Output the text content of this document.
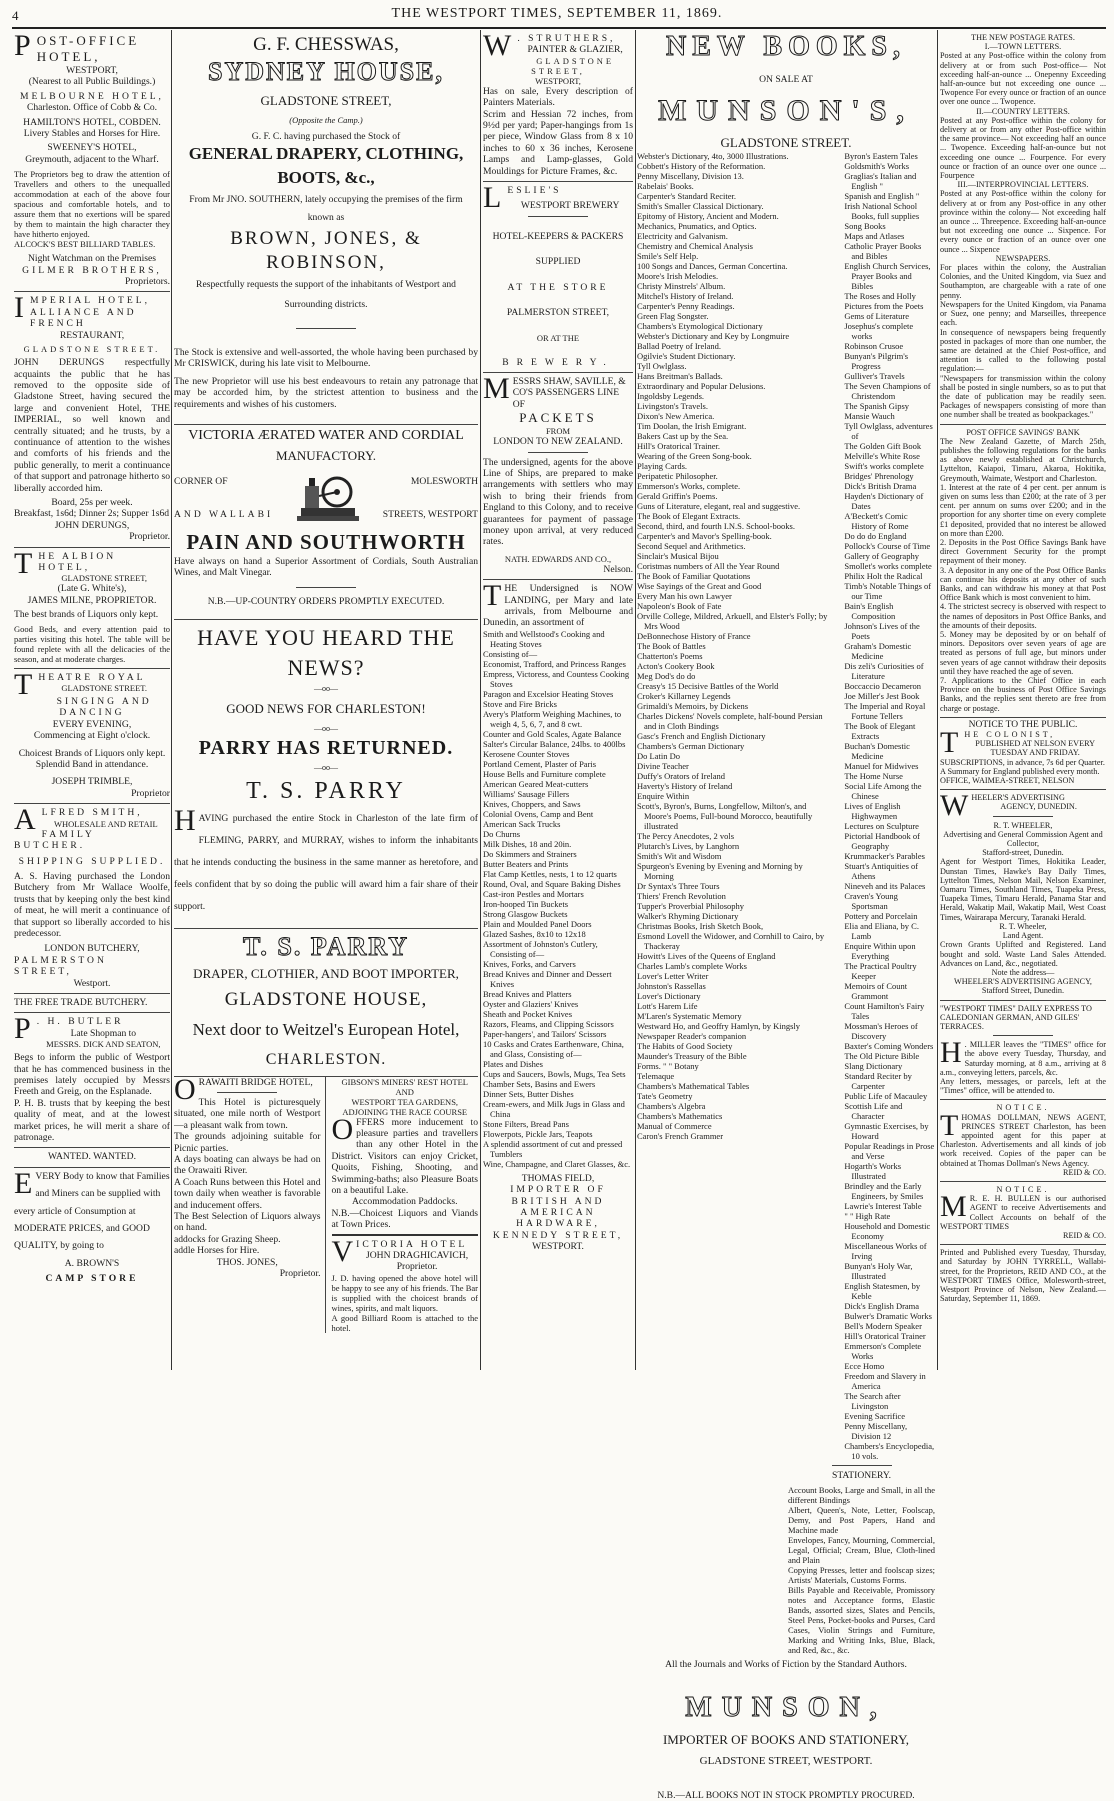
4	THE WESTPORT TIMES, SEPTEMBER 11, 1869.
POST-OFFICE HOTEL,
WESTPORT,
(Nearest to all Public Buildings.)
MELBOURNE HOTEL,
Charleston. Office of Cobb & Co.
HAMILTON'S HOTEL, COBDEN.
Livery Stables and Horses for Hire.
SWEENEY'S HOTEL,
Greymouth, adjacent to the Wharf.
The Proprietors beg to draw the attention of Travellers and others to the unequalled accommodation at each of the above four spacious and comfortable hotels, and to assure them that no exertions will be spared by them to maintain the high character they have hitherto enjoyed.
ALCOCK'S BEST BILLIARD TABLES.
Night Watchman on the Premises
GILMER BROTHERS,
Proprietors.
IMPERIAL HOTEL,
ALLIANCE AND FRENCH
RESTAURANT,
GLADSTONE STREET.
JOHN DERUNGS respectfully acquaints the public that he has removed to the opposite side of Gladstone Street, having secured the large and convenient Hotel, THE IMPERIAL, so well known and centrally situated; and he trusts, by a continuance of attention to the wishes and comforts of his friends and the public generally, to merit a continuance of that support and patronage hitherto so liberally accorded him.
Board, 25s per week.
Breakfast, 1s6d; Dinner 2s; Supper 1s6d
JOHN DERUNGS,
Proprietor.
THE ALBION HOTEL,
GLADSTONE STREET,
(Late G. White's),
JAMES MILNE, PROPRIETOR.
The best brands of Liquors only kept.
Good Beds, and every attention paid to parties visiting this hotel. The table will be found replete with all the delicacies of the season, and at moderate charges.
THEATRE ROYAL
GLADSTONE STREET.
SINGING AND DANCING
EVERY EVENING,
Commencing at Eight o'clock.
Choicest Brands of Liquors only kept.
Splendid Band in attendance.
JOSEPH TRIMBLE,
Proprietor
ALFRED SMITH,
WHOLESALE AND RETAIL
FAMILY BUTCHER.
SHIPPING SUPPLIED.
A. S. Having purchased the London Butchery from Mr Wallace Woolfe, trusts that by keeping only the best kind of meat, he will merit a continuance of that support so liberally accorded to his predecessor.
LONDON BUTCHERY,
PALMERSTON STREET,
Westport.
THE FREE TRADE BUTCHERY.
P . H. BUTLER
Late Shopman to
MESSRS. DICK AND SEATON,
Begs to inform the public of Westport that he has commenced business in the premises lately occupied by Messrs Freeth and Greig, on the Esplanade.
P. H. B. trusts that by keeping the best quality of meat, and at the lowest market prices, he will merit a share of patronage.
WANTED. WANTED.
EVERY Body to know that Families
and Miners can be supplied with
every article of Consumption at
MODERATE PRICES, and GOOD
QUALITY, by going to
A. BROWN'S
CAMP STORE
G. F. CHESSWAS,
SYDNEY HOUSE,
GLADSTONE STREET,
(Opposite the Camp.)
G. F. C. having purchased the Stock of
GENERAL DRAPERY, CLOTHING, BOOTS, &c.,
From Mr JNO. SOUTHERN, lately occupying the premises of the firm
known as
BROWN, JONES, & ROBINSON,
Respectfully requests the support of the inhabitants of Westport and
Surrounding districts.
The Stock is extensive and well-assorted, the whole having been purchased by Mr CRISWICK, during his late visit to Melbourne.
The new Proprietor will use his best endeavours to retain any patronage that may be accorded him, by the strictest attention to business and the requirements and wishes of his customers.
VICTORIA ÆRATED WATER AND CORDIAL
MANUFACTORY.
CORNER OF
AND WALLABI
MOLESWORTH
STREETS, WESTPORT
PAIN AND SOUTHWORTH
Have always on hand a Superior Assortment of Cordials, South Australian Wines, and Malt Vinegar.
N.B.—UP-COUNTRY ORDERS PROMPTLY EXECUTED.
HAVE YOU HEARD THE NEWS?
—oo—
GOOD NEWS FOR CHARLESTON!
—oo—
PARRY HAS RETURNED.
—oo—
T. S. PARRY
HAVING purchased the entire Stock in Charleston of the late firm of FLEMING, PARRY, and MURRAY, wishes to inform the inhabitants that he intends conducting the business in the same manner as heretofore, and feels confident that by so doing the public will award him a fair share of their support.
T. S. PARRY
DRAPER, CLOTHIER, AND BOOT IMPORTER,
GLADSTONE HOUSE,
Next door to Weitzel's European Hotel,
CHARLESTON.
ORAWAITI BRIDGE HOTEL,
This Hotel is picturesquely situated, one mile north of Westport—a pleasant walk from town.
The grounds adjoining suitable for Picnic parties.
A days boating can always be had on the Orawaiti River.
A Coach Runs between this Hotel and town daily when weather is favorable and inducement offers.
The Best Selection of Liquors always on hand.
addocks for Grazing Sheep.
addle Horses for Hire.
THOS. JONES,
Proprietor.
GIBSON'S MINERS' REST HOTEL
AND
WESTPORT TEA GARDENS,
ADJOINING THE RACE COURSE
OFFERS more inducement to pleasure parties and travellers than any other Hotel in the District. Visitors can enjoy Cricket, Quoits, Fishing, Shooting, and Swimming-baths; also Pleasure Boats on a beautiful Lake.
Accommodation Paddocks.
N.B.—Choicest Liquors and Viands at Town Prices.
VICTORIA HOTEL
JOHN DRAGHICAVICH,
Proprietor.
J. D. having opened the above hotel will be happy to see any of his friends. The Bar is supplied with the choicest brands of wines, spirits, and malt liquors.
A good Billiard Room is attached to the hotel.
W . STRUTHERS,
PAINTER & GLAZIER,
GLADSTONE STREET,
WESTPORT,
Has on sale, Every description of Painters Materials.
Scrim and Hessian 72 inches, from 9½d per yard; Paper-hangings from 1s per piece, Window Glass from 8 x 10 inches to 60 x 36 inches, Kerosene Lamps and Lamp-glasses, Gold Mouldings for Picture Frames, &c.
LESLIE'S
WESTPORT BREWERY
HOTEL-KEEPERS & PACKERS
SUPPLIED
AT THE STORE
PALMERSTON STREET,
OR AT THE
BREWERY.
MESSRS SHAW, SAVILLE, & CO'S PASSENGERS LINE OF
PACKETS
FROM
LONDON TO NEW ZEALAND.
The undersigned, agents for the above Line of Ships, are prepared to make arrangements with settlers who may wish to bring their friends from England to this Colony, and to receive guarantees for payment of passage money upon arrival, at very reduced rates.
NATH. EDWARDS AND CO.,
Nelson.
THE Undersigned is NOW LANDING, per Mary and late arrivals, from Melbourne and Dunedin, an assortment of
Smith and Wellstood's Cooking and Heating Stoves
Consisting of—
Economist, Trafford, and Princess Ranges
Empress, Victoress, and Countess Cooking Stoves
Paragon and Excelsior Heating Stoves
Stove and Fire Bricks
Avery's Platform Weighing Machines, to weigh 4, 5, 6, 7, and 8 cwt.
Counter and Gold Scales, Agate Balance
Salter's Circular Balance, 24lbs. to 400lbs
Kerosene Counter Stoves
Portland Cement, Plaster of Paris
House Bells and Furniture complete
American Geared Meat-cutters
Williams' Sausage Fillers
Knives, Choppers, and Saws
Colonial Ovens, Camp and Bent
American Sack Trucks
Do Churns
Milk Dishes, 18 and 20in.
Do Skimmers and Strainers
Butter Beaters and Prints
Flat Camp Kettles, nests, 1 to 12 quarts
Round, Oval, and Square Baking Dishes
Cast-iron Pestles and Mortars
Iron-hooped Tin Buckets
Strong Glasgow Buckets
Plain and Moulded Panel Doors
Glazed Sashes, 8x10 to 12x18
Assortment of Johnston's Cutlery, Consisting of—
Knives, Forks, and Carvers
Bread Knives and Dinner and Dessert Knives
Bread Knives and Platters
Oyster and Glaziers' Knives
Sheath and Pocket Knives
Razors, Fleams, and Clipping Scissors
Paper-hangers', and Tailors' Scissors
10 Casks and Crates Earthenware, China, and Glass, Consisting of—
Plates and Dishes
Cups and Saucers, Bowls, Mugs, Tea Sets
Chamber Sets, Basins and Ewers
Dinner Sets, Butter Dishes
Cream-ewers, and Milk Jugs in Glass and China
Stone Filters, Bread Pans
Flowerpots, Pickle Jars, Teapots
A splendid assortment of cut and pressed Tumblers
Wine, Champagne, and Claret Glasses, &c.
THOMAS FIELD,
IMPORTER OF BRITISH AND
AMERICAN HARDWARE,
KENNEDY STREET,
WESTPORT.
NEW BOOKS,
ON SALE AT
MUNSON'S,
GLADSTONE STREET.
Webster's Dictionary, 4to, 3000 Illustrations.
Cobbett's History of the Reformation.
Penny Miscellany, Division 13.
Rabelais' Books.
Carpenter's Standard Reciter.
Smith's Smaller Classical Dictionary.
Epitomy of History, Ancient and Modern.
Mechanics, Pnumatics, and Optics.
Electricity and Galvanism.
Chemistry and Chemical Analysis
Smile's Self Help.
100 Songs and Dances, German Concertina.
Moore's Irish Melodies.
Christy Minstrels' Album.
Mitchel's History of Ireland.
Carpenter's Penny Readings.
Green Flag Songster.
Chambers's Etymological Dictionary
Webster's Dictionary and Key by Longmuire
Ballad Poetry of Ireland.
Ogilvie's Student Dictionary.
Tyll Owlglass.
Hans Breitman's Ballads.
Extraordinary and Popular Delusions.
Ingoldsby Legends.
Livingston's Travels.
Dixon's New America.
Tim Doolan, the Irish Emigrant.
Bakers Cast up by the Sea.
Hill's Oratorical Trainer.
Wearing of the Green Song-book.
Playing Cards.
Peripatetic Philosopher.
Emmerson's Works, complete.
Gerald Griffin's Poems.
Guns of Literature, elegant, real and suggestive.
The Book of Elegant Extracts.
Second, third, and fourth I.N.S. School-books.
Carpenter's and Mavor's Spelling-book.
Second Sequel and Arithmetics.
Sinclair's Musical Bijou
Coristmas numbers of All the Year Round
The Book of Familiar Quotations
Wise Sayings of the Great and Good
Every Man his own Lawyer
Napoleon's Book of Fate
Orville College, Mildred, Arkuell, and Elster's Folly; by Mrs Wood
DeBonnechose History of France
The Book of Battles
Chatterton's Poems
Acton's Cookery Book
Meg Dod's do do
Creasy's 15 Decisive Battles of the World
Croker's Killarney Legends
Grimaldi's Memoirs, by Dickens
Charles Dickens' Novels complete, half-bound Persian and in Cloth Bindings
Gasc's French and English Dictionary
Chambers's German Dictionary
Do Latin Do
Divine Teacher
Duffy's Orators of Ireland
Haverty's History of Ireland
Enquire Within
Scott's, Byron's, Burns, Longfellow, Milton's, and Moore's Poems, Full-bound Morocco, beautifully illustrated
The Percy Anecdotes, 2 vols
Plutarch's Lives, by Langhorn
Smith's Wit and Wisdom
Spurgeon's Evening by Evening and Morning by Morning
Dr Syntax's Three Tours
Thiers' French Revolution
Tupper's Proverbial Philosophy
Walker's Rhyming Dictionary
Christmas Books, Irish Sketch Book,
Esmond Lovell the Widower, and Cornhill to Cairo, by Thackeray
Howitt's Lives of the Queens of England
Charles Lamb's complete Works
Lover's Letter Writer
Johnston's Rassellas
Lover's Dictionary
Lott's Harem Life
M'Laren's Systematic Memory
Westward Ho, and Geoffry Hamlyn, by Kingsly
Newspaper Reader's companion
The Habits of Good Society
Maunder's Treasury of the Bible
Forms. " " Botany
Telemaque
Chambers's Mathematical Tables
Tate's Geometry
Chambers's Algebra
Chambers's Mathematics
Manual of Commerce
Caron's French Grammer
Byron's Eastern Tales
Goldsmith's Works
Graglias's Italian and English "
Spanish and English "
Irish National School Books, full supplies
Song Books
Maps and Atlases
Catholic Prayer Books and Bibles
English Church Services, Prayer Books and Bibles
The Roses and Holly
Pictures from the Poets
Gems of Literature
Josephus's complete works
Robinson Crusoe
Bunyan's Pilgrim's Progress
Gulliver's Travels
The Seven Champions of Christendom
The Spanish Gipsy
Mansie Wauch
Tyll Owlglass, adventures of
The Golden Gift Book
Melville's White Rose
Swift's works complete
Bridges' Phrenology
Dick's British Drama
Hayden's Dictionary of Dates
A'Beckett's Comic History of Rome
Do do do England
Pollock's Course of Time
Gallery of Geography
Smollet's works complete
Philix Holt the Radical
Timb's Notable Things of our Time
Bain's English Composition
Johnson's Lives of the Poets
Graham's Domestic Medicine
Dis zeli's Curiosities of Literature
Boccaccio Decameron
Joe Miller's Jest Book
The Imperial and Royal Fortune Tellers
The Book of Elegant Extracts
Buchan's Domestic Medicine
Manuel for Midwives
The Home Nurse
Social Life Among the Chinese
Lives of English Highwaymen
Lectures on Sculpture
Pictorial Handbook of Geography
Krummacker's Parables
Stuart's Antiquities of Athens
Nineveh and its Palaces
Craven's Young Sportsman
Pottery and Porcelain
Elia and Eliana, by C. Lamb
Enquire Within upon Everything
The Practical Poultry Keeper
Memoirs of Count Grammont
Count Hamilton's Fairy Tales
Mossman's Heroes of Discovery
Baxter's Coming Wonders
The Old Picture Bible
Slang Dictionary
Standard Reciter by Carpenter
Public Life of Macauley
Scottish Life and Character
Gymnastic Exercises, by Howard
Popular Readings in Prose and Verse
Hogarth's Works Illustrated
Brindley and the Early Engineers, by Smiles
Lawrie's Interest Table
" " High Rate
Household and Domestic Economy
Miscellaneous Works of Irving
Bunyan's Holy War, Illustrated
English Statesmen, by Keble
Dick's English Drama
Bulwer's Dramatic Works
Bell's Modern Speaker
Hill's Oratorical Trainer
Emmerson's Complete Works
Ecce Homo
Freedom and Slavery in America
The Search after Livingston
Evening Sacrifice
Penny Miscellany, Division 12
Chambers's Encyclopedia, 10 vols.
STATIONERY.
Account Books, Large and Small, in all the different Bindings
Albert, Queen's, Note, Letter, Foolscap, Demy, and Post Papers, Hand and Machine made
Envelopes, Fancy, Mourning, Commercial, Legal, Official; Cream, Blue, Cloth-lined and Plain
Copying Presses, letter and foolscap sizes; Artists' Materials, Customs Forms.
Bills Payable and Receivable, Promissory notes and Acceptance forms, Elastic Bands, assorted sizes, Slates and Pencils, Steel Pens, Pocket-books and Purses, Card Cases, Violin Strings and Furniture, Marking and Writing Inks, Blue, Black, and Red, &c., &c.
All the Journals and Works of Fiction by the Standard Authors.
MUNSON,
IMPORTER OF BOOKS AND STATIONERY,
GLADSTONE STREET, WESTPORT.
N.B.—ALL BOOKS NOT IN STOCK PROMPTLY PROCURED.
THE NEW POSTAGE RATES.
I.—TOWN LETTERS.
Posted at any Post-office within the colony from delivery at or from such Post-office— Not exceeding half-an-ounce ... Onepenny Exceeding half-an-ounce but not exceeding one ounce ... Twopence For every ounce or fraction of an ounce over one ounce ... Twopence.
II.—COUNTRY LETTERS.
Posted at any Post-office within the colony for delivery at or from any other Post-office within the same province— Not exceeding half an ounce ... Twopence. Exceeding half-an-ounce but not exceeding one ounce ... Fourpence. For every ounce or fraction of an ounce over one ounce ... Fourpence
III.—INTERPROVINCIAL LETTERS.
Posted at any Post-office within the colony for delivery at or from any Post-office in any other province within the colony— Not exceeding half an ounce ... Threepence. Exceeding half-an-ounce but not exceeding one ounce ... Sixpence. For every ounce or fraction of an ounce over one ounce ... Sixpence
NEWSPAPERS.
For places within the colony, the Australian Colonies, and the United Kingdom, via Suez and Southampton, are chargeable with a rate of one penny.
Newspapers for the United Kingdom, via Panama or Suez, one penny; and Marseilles, threepence each.
In consequence of newspapers being frequently posted in packages of more than one number, the same are detained at the Chief Post-office, and attention is called to the following postal regulation:—
"Newspapers for transmission within the colony shall be posted in single numbers, so as to put that the date of publication may be readily seen. Packages of newspapers consisting of more than one number shall be treated as bookpackages."
POST OFFICE SAVINGS' BANK
The New Zealand Gazette, of March 25th, publishes the following regulations for the banks as above newly established at Christchurch, Lyttelton, Kaiapoi, Timaru, Akaroa, Hokitika, Greymouth, Waimate, Westport and Charleston.
1. Interest at the rate of 4 per cent. per annum is given on sums less than £200; at the rate of 3 per cent. per annum on sums over £200; and in the proportion for any shorter time on every complete £1 deposited, provided that no interest be allowed on more than £200.
2. Deposits in the Post Office Savings Bank have direct Government Security for the prompt repayment of their money.
3. A depositor in any one of the Post Office Banks can continue his deposits at any other of such Banks, and can withdraw his money at that Post Office Bank which is most convenient to him.
4. The strictest secrecy is observed with respect to the names of depositors in Post Office Banks, and the amounts of their deposits.
5. Money may be deposited by or on behalf of minors. Depositors over seven years of age are treated as persons of full age, but minors under seven years of age cannot withdraw their deposits until they have reached the age of seven.
7. Applications to the Chief Office in each Province on the business of Post Office Savings Banks, and the replies sent thereto are free from charge or postage.
NOTICE TO THE PUBLIC.
THE COLONIST,
PUBLISHED AT NELSON EVERY
TUESDAY AND FRIDAY.
SUBSCRIPTIONS, in advance, 7s 6d per Quarter.
A Summary for England published every month.
OFFICE, WAIMEA-STREET, NELSON
WHEELER'S ADVERTISING
AGENCY, DUNEDIN.
R. T. WHEELER,
Advertising and General Commission Agent and Collector,
Stafford-street, Dunedin.
Agent for Westport Times, Hokitika Leader, Dunstan Times, Hawke's Bay Daily Times, Lyttelton Times, Nelson Mail, Nelson Examiner, Oamaru Times, Southland Times, Tuapeka Press, Tuapeka Times, Timaru Herald, Panama Star and Herald, Wakatip Mail, Wakatip Mail, West Coast Times, Wairarapa Mercury, Taranaki Herald.
R. T. Wheeler,
Land Agent.
Crown Grants Uplifted and Registered. Land bought and sold. Waste Land Sales Attended. Advances on Land, &c., negotiated.
Note the address—
WHEELER'S ADVERTISING AGENCY,
Stafford Street, Dunedin.
"WESTPORT TIMES" DAILY EXPRESS TO CALEDONIAN GERMAN, AND GILES' TERRACES.
H . MILLER leaves the "TIMES" office for the above every Tuesday, Thursday, and Saturday morning, at 8 a.m., arriving at 8 a.m., conveying letters, parcels, &c.
Any letters, messages, or parcels, left at the "Times" office, will be attended to.
NOTICE.
THOMAS DOLLMAN, NEWS AGENT, PRINCES STREET Charleston, has been appointed agent for this paper at Charleston. Advertisements and all kinds of job work received. Copies of the paper can be obtained at Thomas Dollman's News Agency.
REID & CO.
NOTICE.
M R. E. H. BULLEN is our authorised AGENT to receive Advertisements and Collect Accounts on behalf of the WESTPORT TIMES
REID & CO.
Printed and Published every Tuesday, Thursday, and Saturday by JOHN TYRRELL, Wallabi-street, for the Proprietors, REID AND CO., at the WESTPORT TIMES Office, Molesworth-street, Westport Province of Nelson, New Zealand.—Saturday, September 11, 1869.
